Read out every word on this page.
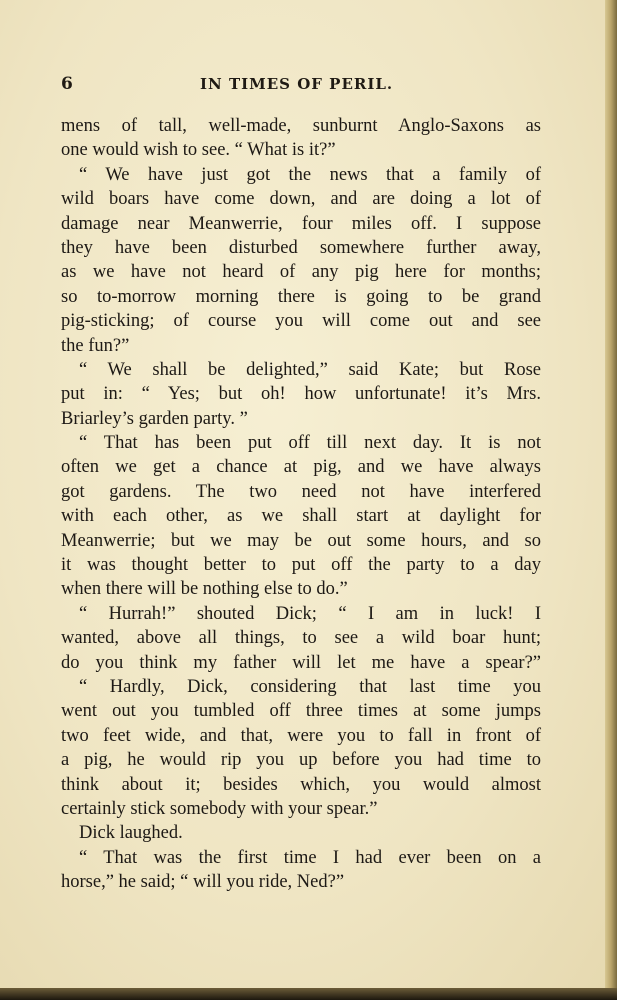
6	IN TIMES OF PERIL.
mens of tall, well-made, sunburnt Anglo-Saxons as
one would wish to see. “ What is it?”
“ We have just got the news that a family of
wild boars have come down, and are doing a lot of
damage near Meanwerrie, four miles off. I suppose
they have been disturbed somewhere further away,
as we have not heard of any pig here for months;
so to-morrow morning there is going to be grand
pig-sticking; of course you will come out and see
the fun?”
“ We shall be delighted,” said Kate; but Rose
put in: “ Yes; but oh! how unfortunate! it’s Mrs.
Briarley’s garden party. ”
“ That has been put off till next day. It is not
often we get a chance at pig, and we have always
got gardens. The two need not have interfered
with each other, as we shall start at daylight for
Meanwerrie; but we may be out some hours, and so
it was thought better to put off the party to a day
when there will be nothing else to do.”
“ Hurrah!” shouted Dick; “ I am in luck! I
wanted, above all things, to see a wild boar hunt;
do you think my father will let me have a spear?”
“ Hardly, Dick, considering that last time you
went out you tumbled off three times at some jumps
two feet wide, and that, were you to fall in front of
a pig, he would rip you up before you had time to
think about it; besides which, you would almost
certainly stick somebody with your spear.”
Dick laughed.
“ That was the first time I had ever been on a
horse,” he said; “ will you ride, Ned?”
